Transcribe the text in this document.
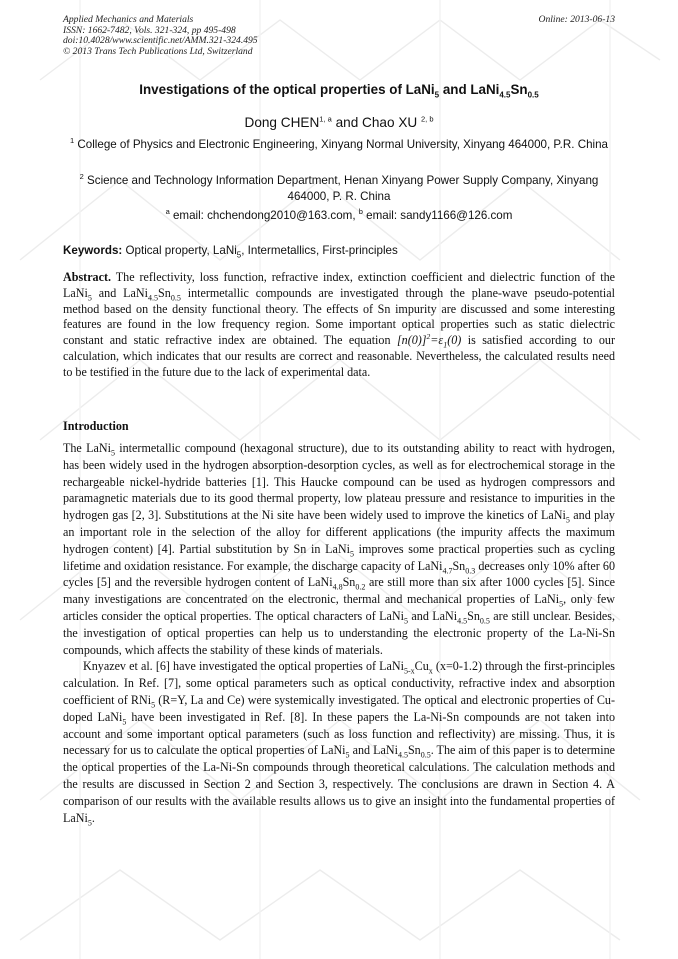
Applied Mechanics and Materials
ISSN: 1662-7482, Vols. 321-324, pp 495-498
doi:10.4028/www.scientific.net/AMM.321-324.495
© 2013 Trans Tech Publications Ltd, Switzerland
Online: 2013-06-13
Investigations of the optical properties of LaNi$_5$ and $LaNi_{4.5}Sn_{0.5}$
Dong CHEN$^{1, a}$ and Chao XU $^{2, b}$
$^1$ College of Physics and Electronic Engineering, Xinyang Normal University, Xinyang 464000, P.R. China
$^2$ Science and Technology Information Department, Henan Xinyang Power Supply Company, Xinyang 464000, P. R. China
$^a$ email: chchendong2010@163.com, $^b$ email: sandy1166@126.com
Keywords: Optical property, LaNi$_5$, Intermetallics, First-principles
Abstract. The reflectivity, loss function, refractive index, extinction coefficient and dielectric function of the LaNi$_5$ and $LaNi_{4.5}Sn_{0.5}$ intermetallic compounds are investigated through the plane-wave pseudo-potential method based on the density functional theory. The effects of Sn impurity are discussed and some interesting features are found in the low frequency region. Some important optical properties such as static dielectric constant and static refractive index are obtained. The equation $[n(0)]^2=\varepsilon_1(0)$ is satisfied according to our calculation, which indicates that our results are correct and reasonable. Nevertheless, the calculated results need to be testified in the future due to the lack of experimental data.
Introduction

The LaNi$_5$ intermetallic compound (hexagonal structure), due to its outstanding ability to react with hydrogen, has been widely used in the hydrogen absorption-desorption cycles, as well as for electrochemical storage in the rechargeable nickel-hydride batteries [1]. This Haucke compound can be used as hydrogen compressors and paramagnetic materials due to its good thermal property, low plateau pressure and resistance to impurities in the hydrogen gas [2, 3]. Substitutions at the Ni site have been widely used to improve the kinetics of LaNi$_5$ and play an important role in the selection of the alloy for different applications (the impurity affects the maximum hydrogen content) [4]. Partial substitution by Sn in LaNi$_5$ improves some practical properties such as cycling lifetime and oxidation resistance. For example, the discharge capacity of $LaNi_{4.7}Sn_{0.3}$ decreases only 10% after 60 cycles [5] and the reversible hydrogen content of $LaNi_{4.8}Sn_{0.2}$ are still more than six after 1000 cycles [5]. Since many investigations are concentrated on the electronic, thermal and mechanical properties of LaNi$_5$, only few articles consider the optical properties. The optical characters of LaNi$_5$ and $LaNi_{4.5}Sn_{0.5}$ are still unclear. Besides, the investigation of optical properties can help us to understanding the electronic property of the La-Ni-Sn compounds, which affects the stability of these kinds of materials.

Knyazev et al. [6] have investigated the optical properties of $LaNi_{5-x}Cu_x$ (x=0-1.2) through the first-principles calculation. In Ref. [7], some optical parameters such as optical conductivity, refractive index and absorption coefficient of RNi$_5$ (R=Y, La and Ce) were systemically investigated. The optical and electronic properties of Cu-doped LaNi$_5$ have been investigated in Ref. [8]. In these papers the La-Ni-Sn compounds are not taken into account and some important optical parameters (such as loss function and reflectivity) are missing. Thus, it is necessary for us to calculate the optical properties of LaNi$_5$ and $LaNi_{4.5}Sn_{0.5}$. The aim of this paper is to determine the optical properties of the La-Ni-Sn compounds through theoretical calculations. The calculation methods and the results are discussed in Section 2 and Section 3, respectively. The conclusions are drawn in Section 4. A comparison of our results with the available results allows us to give an insight into the fundamental properties of LaNi$_5$.
